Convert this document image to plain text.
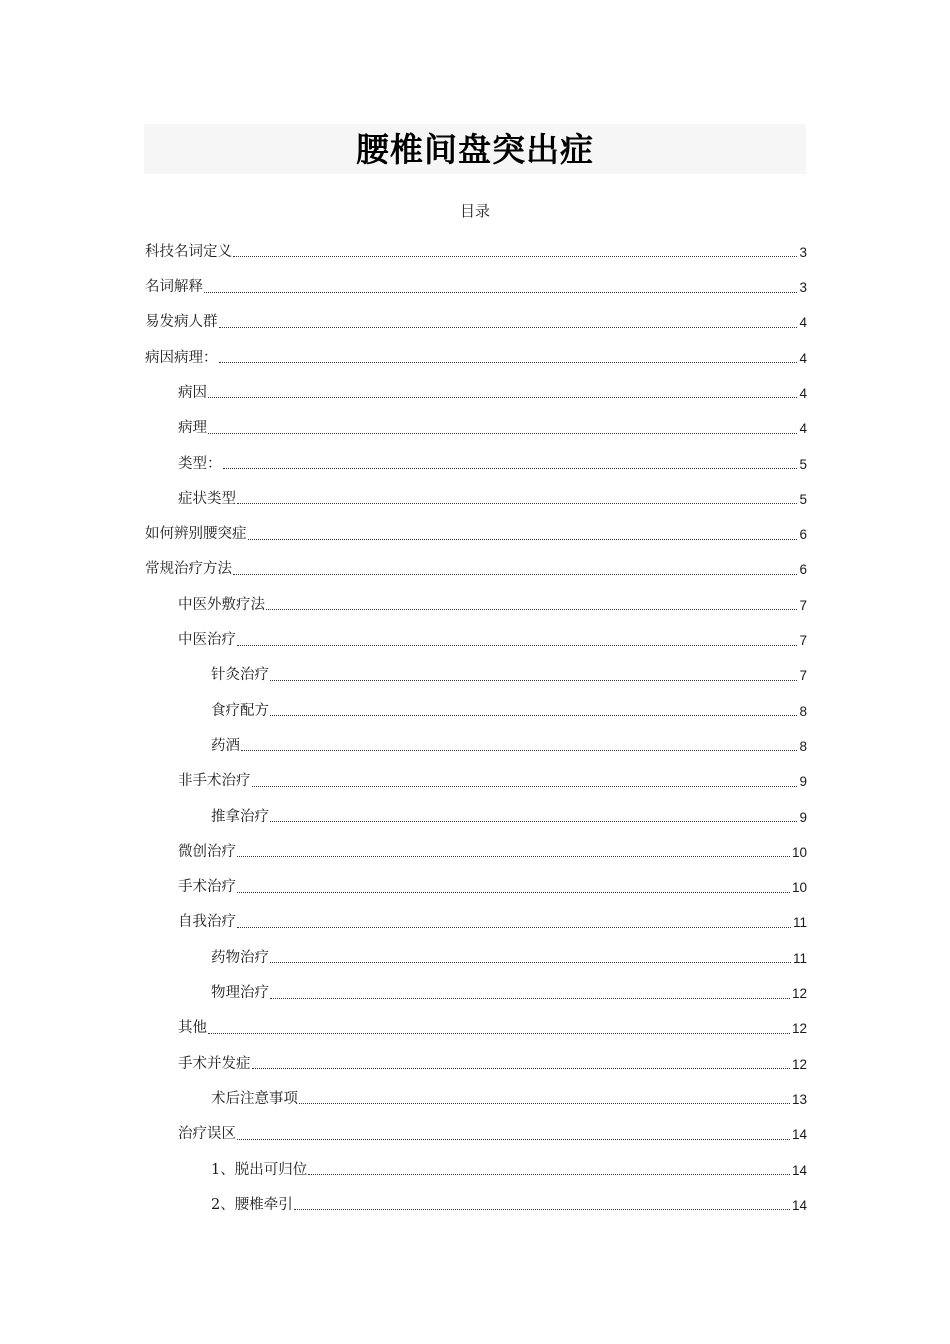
腰椎间盘突出症
目录
科技名词定义	3
名词解释	3
易发病人群	4
病因病理：	4
病因	4
病理	4
类型：	5
症状类型	5
如何辨别腰突症	6
常规治疗方法	6
中医外敷疗法	7
中医治疗	7
针灸治疗	7
食疗配方	8
药酒	8
非手术治疗	9
推拿治疗	9
微创治疗	10
手术治疗	10
自我治疗	11
药物治疗	11
物理治疗	12
其他	12
手术并发症	12
术后注意事项	13
治疗误区	14
1、脱出可归位	14
2、腰椎牵引	14
